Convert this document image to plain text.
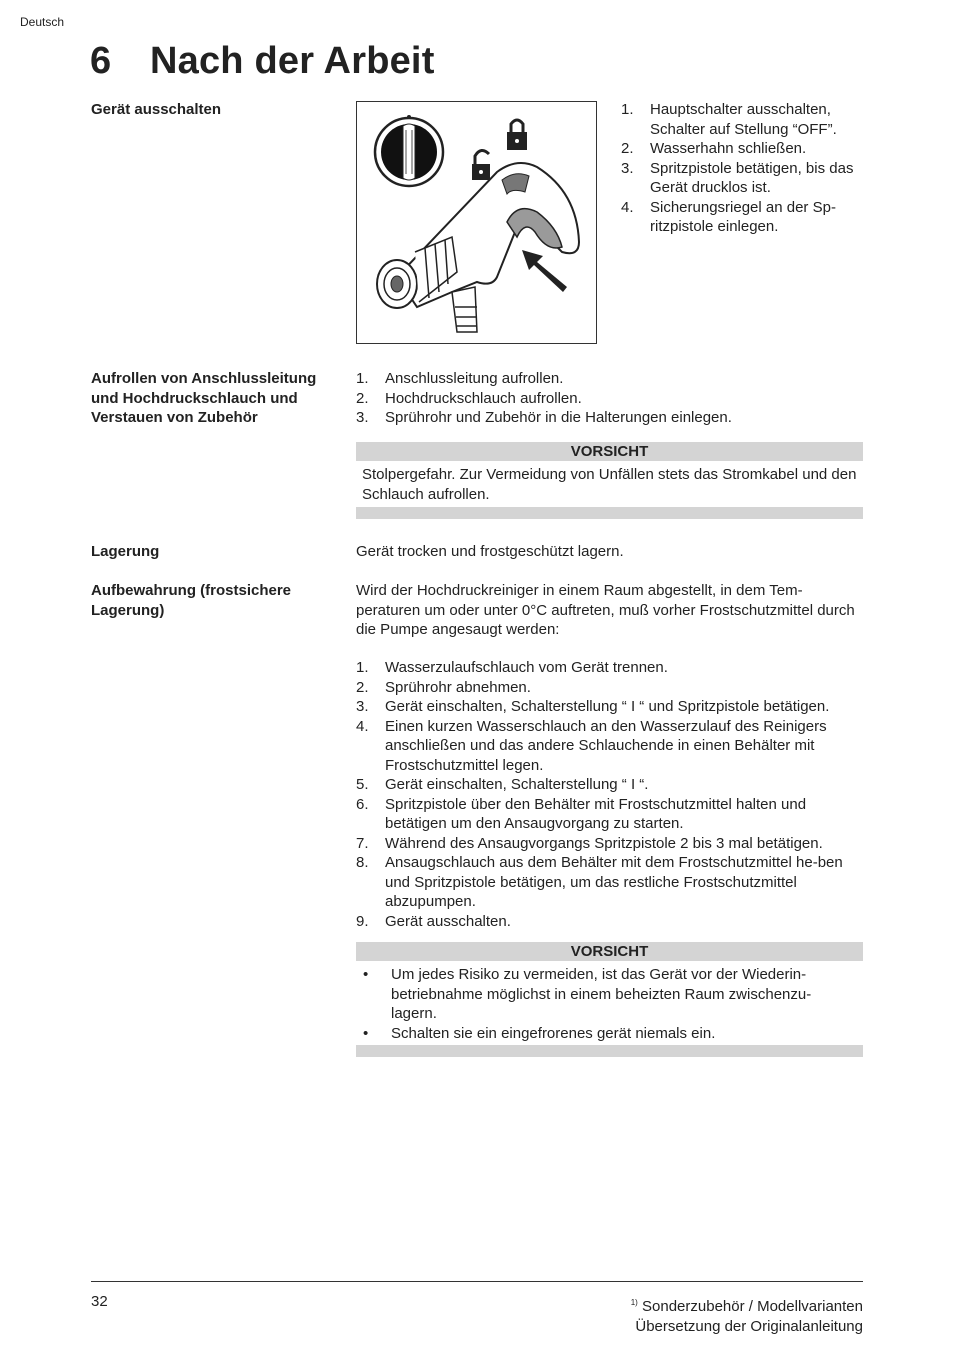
Deutsch
6 Nach der Arbeit
Gerät ausschalten	1. Hauptschalter ausschalten, Schalter auf Stellung “OFF”.
2. Wasserhahn schließen.
3. Spritzpistole betätigen, bis das Gerät drucklos ist.
4. Sicherungsriegel an der Sp-ritzpistole einlegen.
Aufrollen von Anschlussleitung und Hochdruckschlauch und Verstauen von Zubehör
1. Anschlussleitung aufrollen.
2. Hochdruckschlauch aufrollen.
3. Sprührohr und Zubehör in die Halterungen einlegen.
VORSICHT
Stolpergefahr. Zur Vermeidung von Unfällen stets das Stromkabel und den Schlauch aufrollen.
Lagerung	Gerät trocken und frostgeschützt lagern.
Aufbewahrung (frostsichere Lagerung)
Wird der Hochdruckreiniger in einem Raum abgestellt, in dem Tem-peraturen um oder unter 0°C auftreten, muß vorher Frostschutzmittel durch die Pumpe angesaugt werden:
1. Wasserzulaufschlauch vom Gerät trennen.
2. Sprührohr abnehmen.
3. Gerät einschalten, Schalterstellung “ I “ und Spritzpistole betätigen.
4. Einen kurzen Wasserschlauch an den Wasserzulauf des Reinigers anschließen und das andere Schlauchende in einen Behälter mit Frostschutzmittel legen.
5. Gerät einschalten, Schalterstellung “ I “.
6. Spritzpistole über den Behälter mit Frostschutzmittel halten und betätigen um den Ansaugvorgang zu starten.
7. Während des Ansaugvorgangs Spritzpistole 2 bis 3 mal betätigen.
8. Ansaugschlauch aus dem Behälter mit dem Frostschutzmittel he-ben und Spritzpistole betätigen, um das restliche Frostschutzmittel abzupumpen.
9. Gerät ausschalten.
VORSICHT
• Um jedes Risiko zu vermeiden, ist das Gerät vor der Wiederin-betriebnahme möglichst in einem beheizten Raum zwischenzu-lagern.
• Schalten sie ein eingefrorenes gerät niemals ein.
32	$^{1)}$ Sonderzubehör / Modellvarianten
Übersetzung der Originalanleitung
